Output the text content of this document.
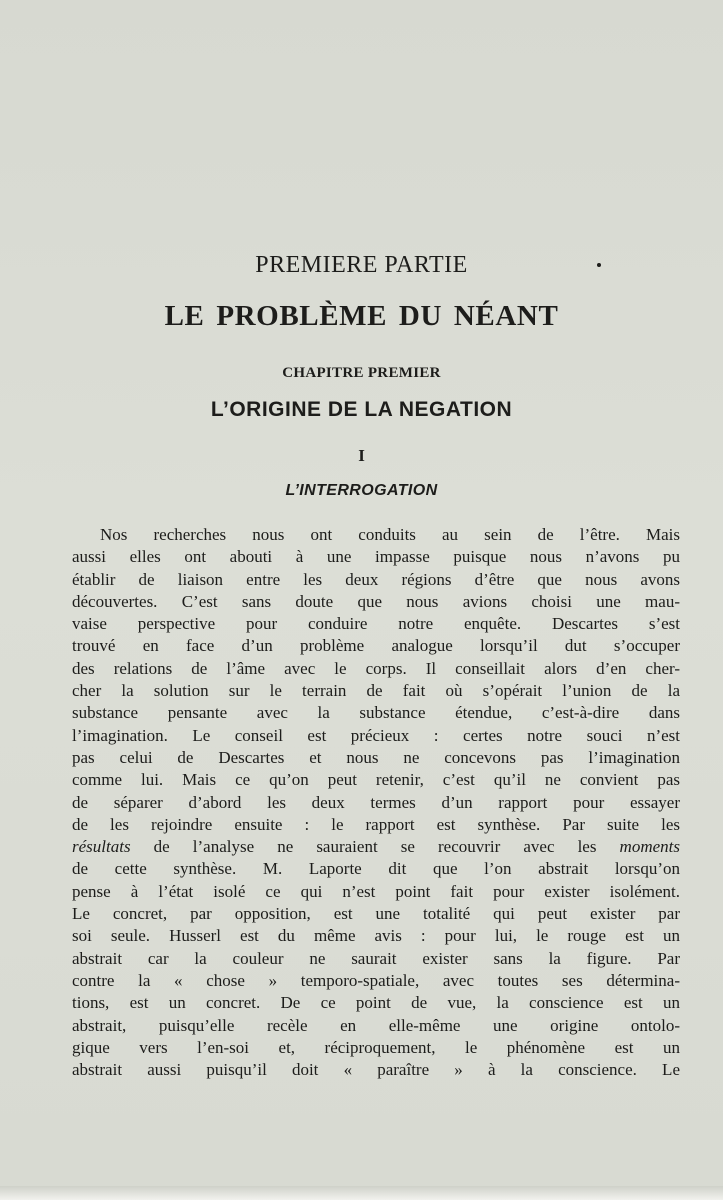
PREMIERE PARTIE
LE PROBLÈME DU NÉANT
CHAPITRE PREMIER
L’ORIGINE DE LA NEGATION
I
L’INTERROGATION
Nos recherches nous ont conduits au sein de l’être. Mais
aussi elles ont abouti à une impasse puisque nous n’avons pu
établir de liaison entre les deux régions d’être que nous avons
découvertes. C’est sans doute que nous avions choisi une mau-
vaise perspective pour conduire notre enquête. Descartes s’est
trouvé en face d’un problème analogue lorsqu’il dut s’occuper
des relations de l’âme avec le corps. Il conseillait alors d’en cher-
cher la solution sur le terrain de fait où s’opérait l’union de la
substance pensante avec la substance étendue, c’est-à-dire dans
l’imagination. Le conseil est précieux : certes notre souci n’est
pas celui de Descartes et nous ne concevons pas l’imagination
comme lui. Mais ce qu’on peut retenir, c’est qu’il ne convient pas
de séparer d’abord les deux termes d’un rapport pour essayer
de les rejoindre ensuite : le rapport est synthèse. Par suite les
résultats de l’analyse ne sauraient se recouvrir avec les moments
de cette synthèse. M. Laporte dit que l’on abstrait lorsqu’on
pense à l’état isolé ce qui n’est point fait pour exister isolément.
Le concret, par opposition, est une totalité qui peut exister par
soi seule. Husserl est du même avis : pour lui, le rouge est un
abstrait car la couleur ne saurait exister sans la figure. Par
contre la « chose » temporo-spatiale, avec toutes ses détermina-
tions, est un concret. De ce point de vue, la conscience est un
abstrait, puisqu’elle recèle en elle-même une origine ontolo-
gique vers l’en-soi et, réciproquement, le phénomène est un
abstrait aussi puisqu’il doit « paraître » à la conscience. Le
